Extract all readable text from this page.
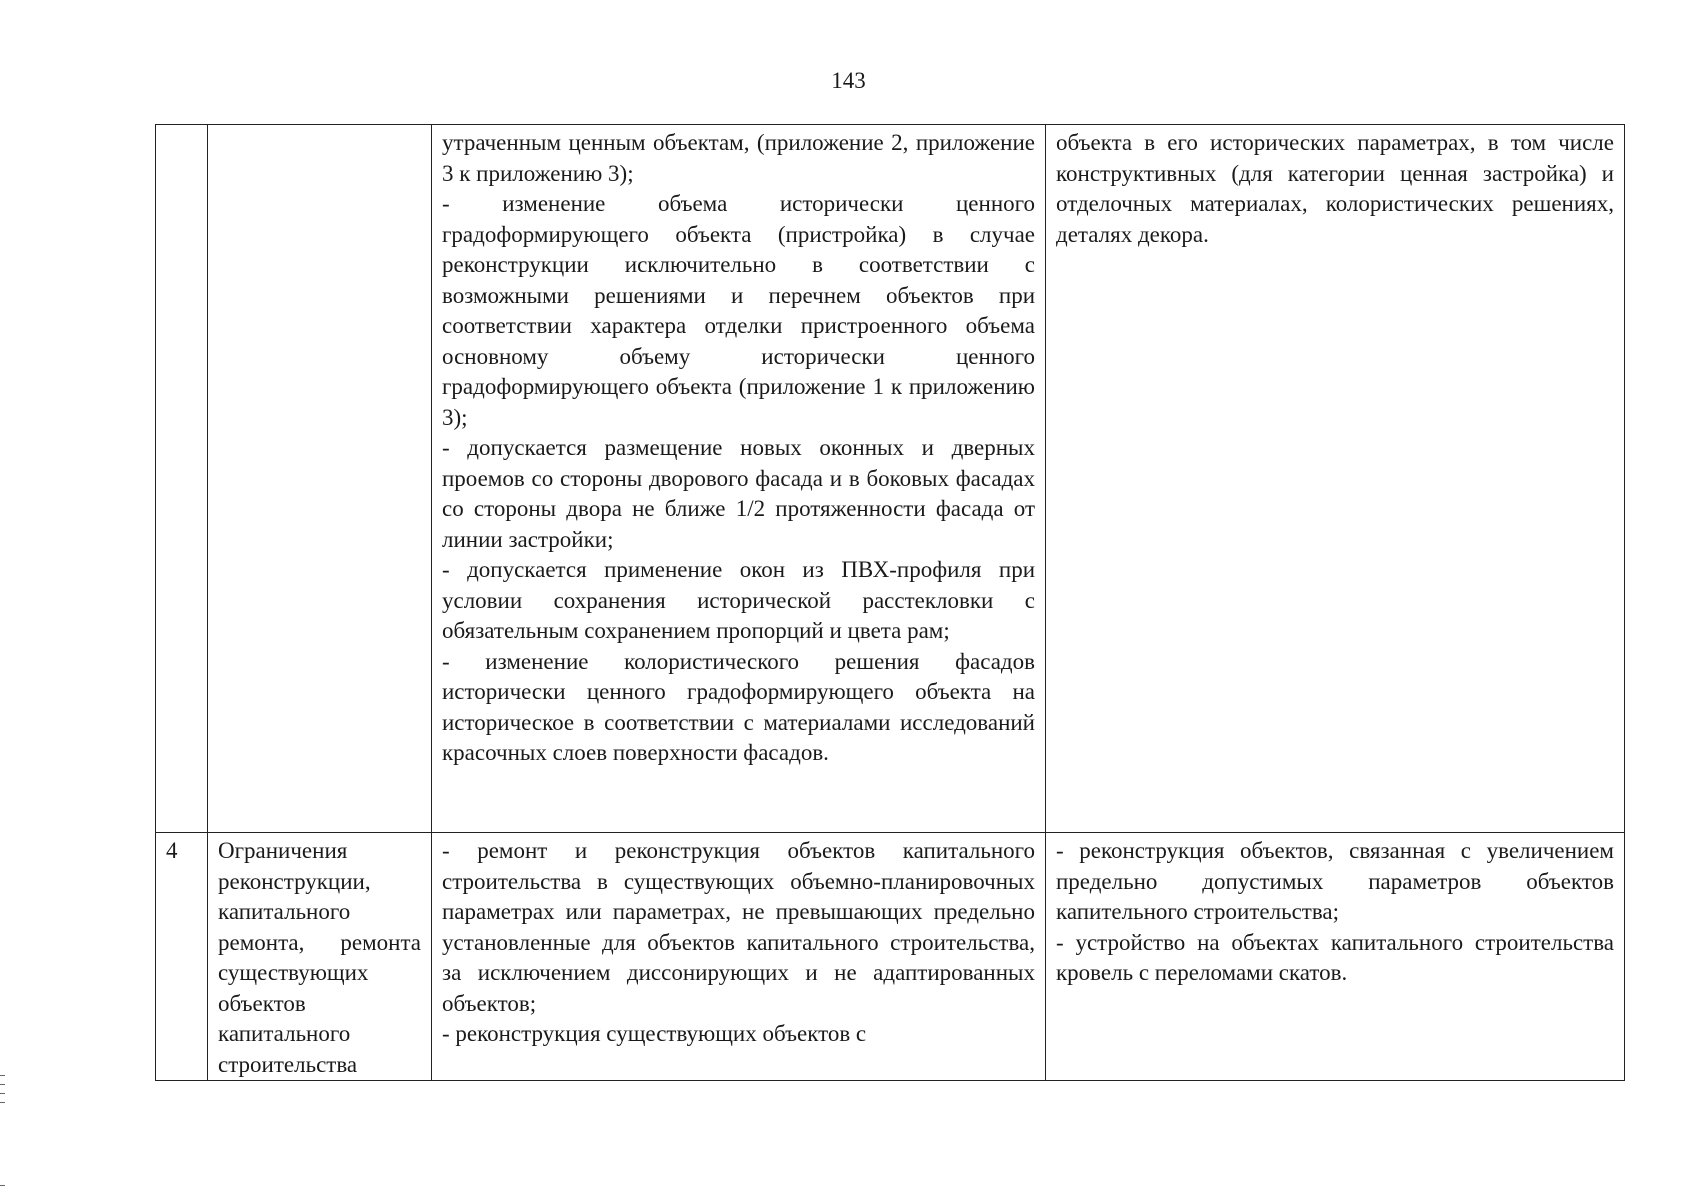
143

		утраченным ценным объектам, (приложение 2, приложение 3 к приложению 3);
- изменение объема исторически ценного градоформирующего объекта (пристройка) в случае реконструкции исключительно в соответствии с возможными решениями и перечнем объектов при соответствии характера отделки пристроенного объема основному объему исторически ценного градоформирующего объекта (приложение 1 к приложению 3);
- допускается размещение новых оконных и дверных проемов со стороны дворового фасада и в боковых фасадах со стороны двора не ближе 1/2 протяженности фасада от линии застройки;
- допускается применение окон из ПВХ-профиля при условии сохранения исторической расстекловки с обязательным сохранением пропорций и цвета рам;
- изменение колористического решения фасадов исторически ценного градоформирующего объекта на историческое в соответствии с материалами исследований красочных слоев поверхности фасадов.	объекта в его исторических параметрах, в том числе конструктивных (для категории ценная застройка) и отделочных материалах, колористических решениях, деталях декора.

4	Ограничения реконструкции, капитального ремонта, ремонта существующих объектов капитального строительства	- ремонт и реконструкция объектов капитального строительства в существующих объемно-планировочных параметрах или параметрах, не превышающих предельно установленные для объектов капитального строительства, за исключением диссонирующих и не адаптированных объектов;
- реконструкция существующих объектов с	- реконструкция объектов, связанная с увеличением предельно допустимых параметров объектов капительного строительства;
- устройство на объектах капитального строительства кровель с переломами скатов.
